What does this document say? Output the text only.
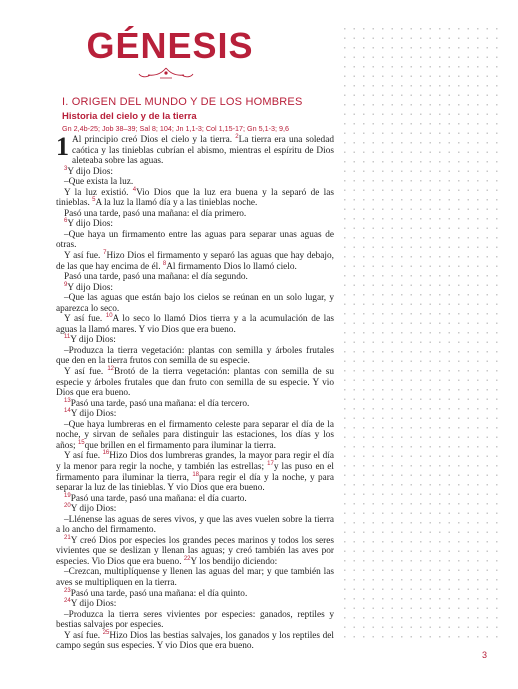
GÉNESIS
I. ORIGEN DEL MUNDO Y DE LOS HOMBRES
Historia del cielo y de la tierra
Gn 2,4b-25; Job 38–39; Sal 8; 104; Jn 1,1-3; Col 1,15-17; Gn 5,1-3; 9,6

1 Al principio creó Dios el cielo y la tierra. $^2$La tierra era una soledad caótica y las tinieblas cubrían el abismo, mientras el espíritu de Dios aleteaba sobre las aguas.

$^3$Y dijo Dios:

–Que exista la luz.

Y la luz existió. $^4$Vio Dios que la luz era buena y la separó de las tinieblas. $^5$A la luz la llamó día y a las tinieblas noche.

Pasó una tarde, pasó una mañana: el día primero.

$^6$Y dijo Dios:

–Que haya un firmamento entre las aguas para separar unas aguas de otras.

Y así fue. $^7$Hizo Dios el firmamento y separó las aguas que hay debajo, de las que hay encima de él. $^8$Al firmamento Dios lo llamó cielo.

Pasó una tarde, pasó una mañana: el día segundo.

$^9$Y dijo Dios:

–Que las aguas que están bajo los cielos se reúnan en un solo lugar, y aparezca lo seco.

Y así fue. $^{10}$A lo seco lo llamó Dios tierra y a la acumulación de las aguas la llamó mares. Y vio Dios que era bueno.

$^{11}$Y dijo Dios:

–Produzca la tierra vegetación: plantas con semilla y árboles frutales que den en la tierra frutos con semilla de su especie.

Y así fue. $^{12}$Brotó de la tierra vegetación: plantas con semilla de su especie y árboles frutales que dan fruto con semilla de su especie. Y vio Dios que era bueno.

$^{13}$Pasó una tarde, pasó una mañana: el día tercero.

$^{14}$Y dijo Dios:

–Que haya lumbreras en el firmamento celeste para separar el día de la noche, y sirvan de señales para distinguir las estaciones, los días y los años; $^{15}$que brillen en el firmamento para iluminar la tierra.

Y así fue. $^{16}$Hizo Dios dos lumbreras grandes, la mayor para regir el día y la menor para regir la noche, y también las estrellas; $^{17}$y las puso en el firmamento para iluminar la tierra, $^{18}$para regir el día y la noche, y para separar la luz de las tinieblas. Y vio Dios que era bueno.

$^{19}$Pasó una tarde, pasó una mañana: el día cuarto.

$^{20}$Y dijo Dios:

–Llénense las aguas de seres vivos, y que las aves vuelen sobre la tierra a lo ancho del firmamento.

$^{21}$Y creó Dios por especies los grandes peces marinos y todos los seres vivientes que se deslizan y llenan las aguas; y creó también las aves por especies. Vio Dios que era bueno. $^{22}$Y los bendijo diciendo:

–Crezcan, multiplíquense y llenen las aguas del mar; y que también las aves se multipliquen en la tierra.

$^{23}$Pasó una tarde, pasó una mañana: el día quinto.

$^{24}$Y dijo Dios:

–Produzca la tierra seres vivientes por especies: ganados, reptiles y bestias salvajes por especies.

Y así fue. $^{25}$Hizo Dios las bestias salvajes, los ganados y los reptiles del campo según sus especies. Y vio Dios que era bueno.

3
